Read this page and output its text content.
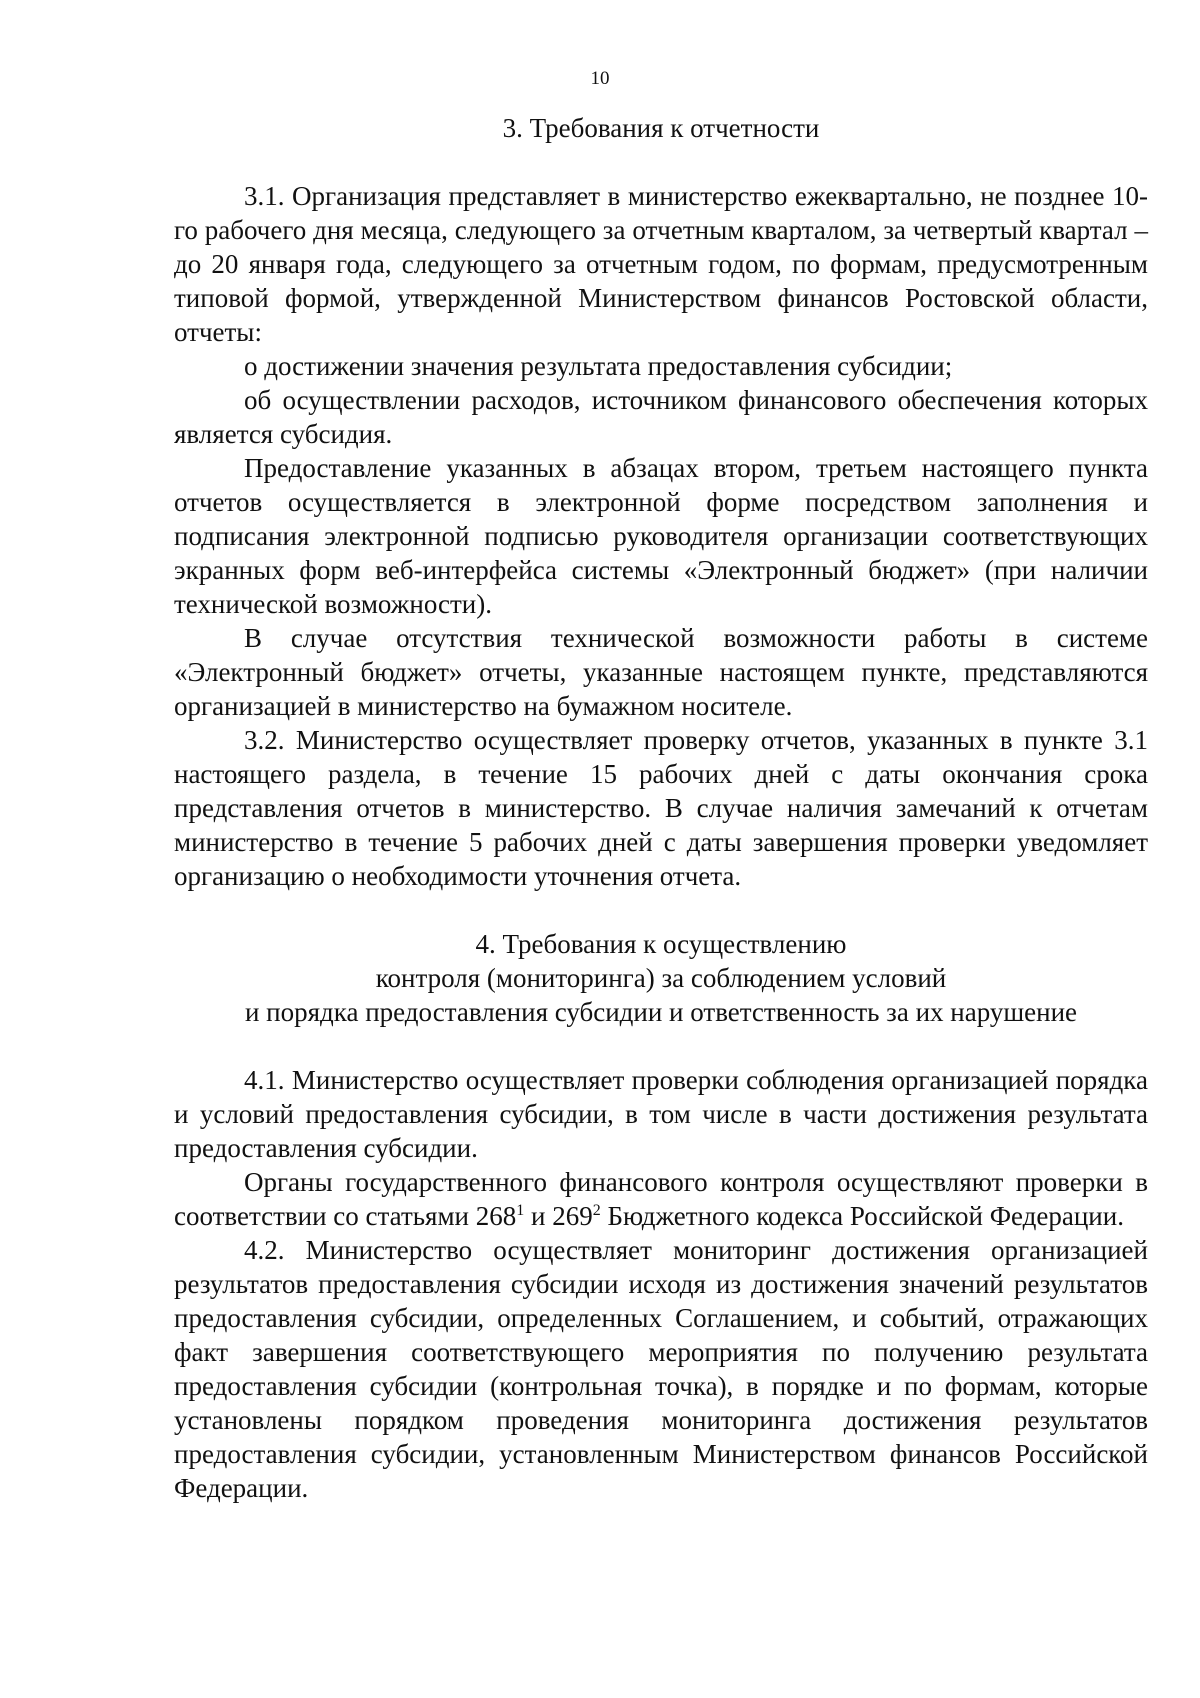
10

3. Требования к отчетности

3.1. Организация представляет в министерство ежеквартально, не позднее 10-го рабочего дня месяца, следующего за отчетным кварталом, за четвертый квартал – до 20 января года, следующего за отчетным годом, по формам, предусмотренным типовой формой, утвержденной Министерством финансов Ростовской области, отчеты:

о достижении значения результата предоставления субсидии;

об осуществлении расходов, источником финансового обеспечения которых является субсидия.

Предоставление указанных в абзацах втором, третьем настоящего пункта отчетов осуществляется в электронной форме посредством заполнения и подписания электронной подписью руководителя организации соответствующих экранных форм веб-интерфейса системы «Электронный бюджет» (при наличии технической возможности).

В случае отсутствия технической возможности работы в системе «Электронный бюджет» отчеты, указанные настоящем пункте, представляются организацией в министерство на бумажном носителе.

3.2. Министерство осуществляет проверку отчетов, указанных в пункте 3.1 настоящего раздела, в течение 15 рабочих дней с даты окончания срока представления отчетов в министерство. В случае наличия замечаний к отчетам министерство в течение 5 рабочих дней с даты завершения проверки уведомляет организацию о необходимости уточнения отчета.

4. Требования к осуществлению
контроля (мониторинга) за соблюдением условий
и порядка предоставления субсидии и ответственность за их нарушение

4.1. Министерство осуществляет проверки соблюдения организацией порядка и условий предоставления субсидии, в том числе в части достижения результата предоставления субсидии.

Органы государственного финансового контроля осуществляют проверки в соответствии со статьями $268^1$ и $269^2$ Бюджетного кодекса Российской Федерации.

4.2. Министерство осуществляет мониторинг достижения организацией результатов предоставления субсидии исходя из достижения значений результатов предоставления субсидии, определенных Соглашением, и событий, отражающих факт завершения соответствующего мероприятия по получению результата предоставления субсидии (контрольная точка), в порядке и по формам, которые установлены порядком проведения мониторинга достижения результатов предоставления субсидии, установленным Министерством финансов Российской Федерации.
